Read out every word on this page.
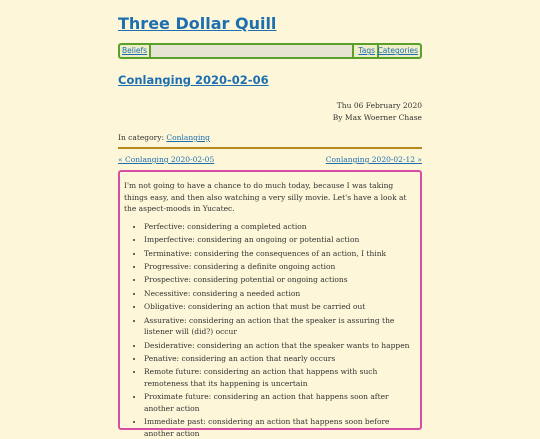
Three Dollar Quill
Beliefs	Tags Categories
Conlanging 2020-02-06
Thu 06 February 2020
By Max Woerner Chase
In category: Conlanging
« Conlanging 2020-02-05	Conlanging 2020-02-12 »

I'm not going to have a chance to do much today, because I was taking things easy, and then also watching a very silly movie. Let's have a look at the aspect-moods in Yucatec.

• Perfective: considering a completed action
• Imperfective: considering an ongoing or potential action
• Terminative: considering the consequences of an action, I think
• Progressive: considering a definite ongoing action
• Prospective: considering potential or ongoing actions
• Necessitive: considering a needed action
• Obligative: considering an action that must be carried out
• Assurative: considering an action that the speaker is assuring the listener will (did?) occur
• Desiderative: considering an action that the speaker wants to happen
• Penative: considering an action that nearly occurs
• Remote future: considering an action that happens with such remoteness that its happening is uncertain
• Proximate future: considering an action that happens soon after another action
• Immediate past: considering an action that happens soon before another action
